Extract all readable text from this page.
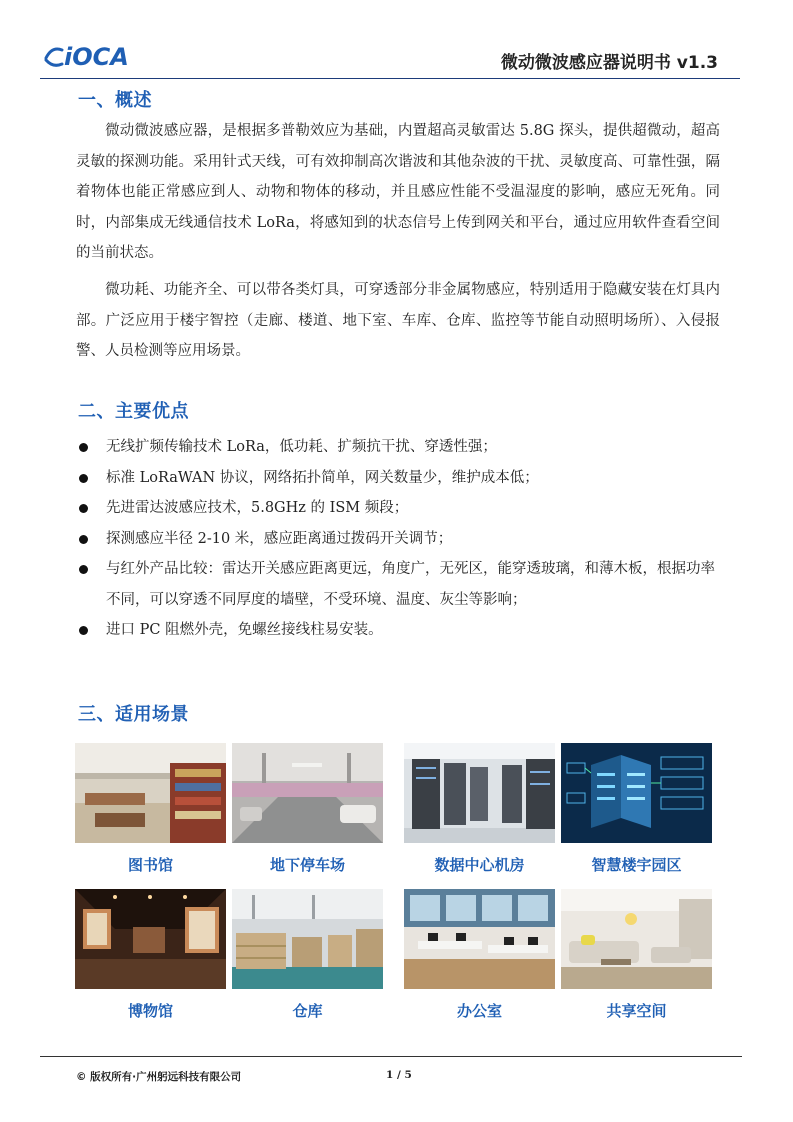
iOCA	微动微波感应器说明书 v1.3
一、概述

微动微波感应器，是根据多普勒效应为基础，内置超高灵敏雷达 5.8G 探头，提供超微动，超高灵敏的探测功能。采用针式天线，可有效抑制高次谐波和其他杂波的干扰、灵敏度高、可靠性强，隔着物体也能正常感应到人、动物和物体的移动，并且感应性能不受温湿度的影响，感应无死角。同时，内部集成无线通信技术 LoRa，将感知到的状态信号上传到网关和平台，通过应用软件查看空间的当前状态。

微功耗、功能齐全、可以带各类灯具，可穿透部分非金属物感应，特别适用于隐藏安装在灯具内部。广泛应用于楼宇智控（走廊、楼道、地下室、车库、仓库、监控等节能自动照明场所）、入侵报警、人员检测等应用场景。

二、主要优点
无线扩频传输技术 LoRa，低功耗、扩频抗干扰、穿透性强；
标准 LoRaWAN 协议，网络拓扑简单，网关数量少，维护成本低；
先进雷达波感应技术，5.8GHz 的 ISM 频段；
探测感应半径 2-10 米，感应距离通过拨码开关调节；
与红外产品比较：雷达开关感应距离更远，角度广，无死区，能穿透玻璃，和薄木板，根据功率不同，可以穿透不同厚度的墙壁，不受环境、温度、灰尘等影响；
进口 PC 阻燃外壳，免螺丝接线柱易安装。
三、适用场景
图书馆	地下停车场	数据中心机房	智慧楼宇园区
博物馆	仓库	办公室	共享空间
© 版权所有·广州躬远科技有限公司	1 / 5
